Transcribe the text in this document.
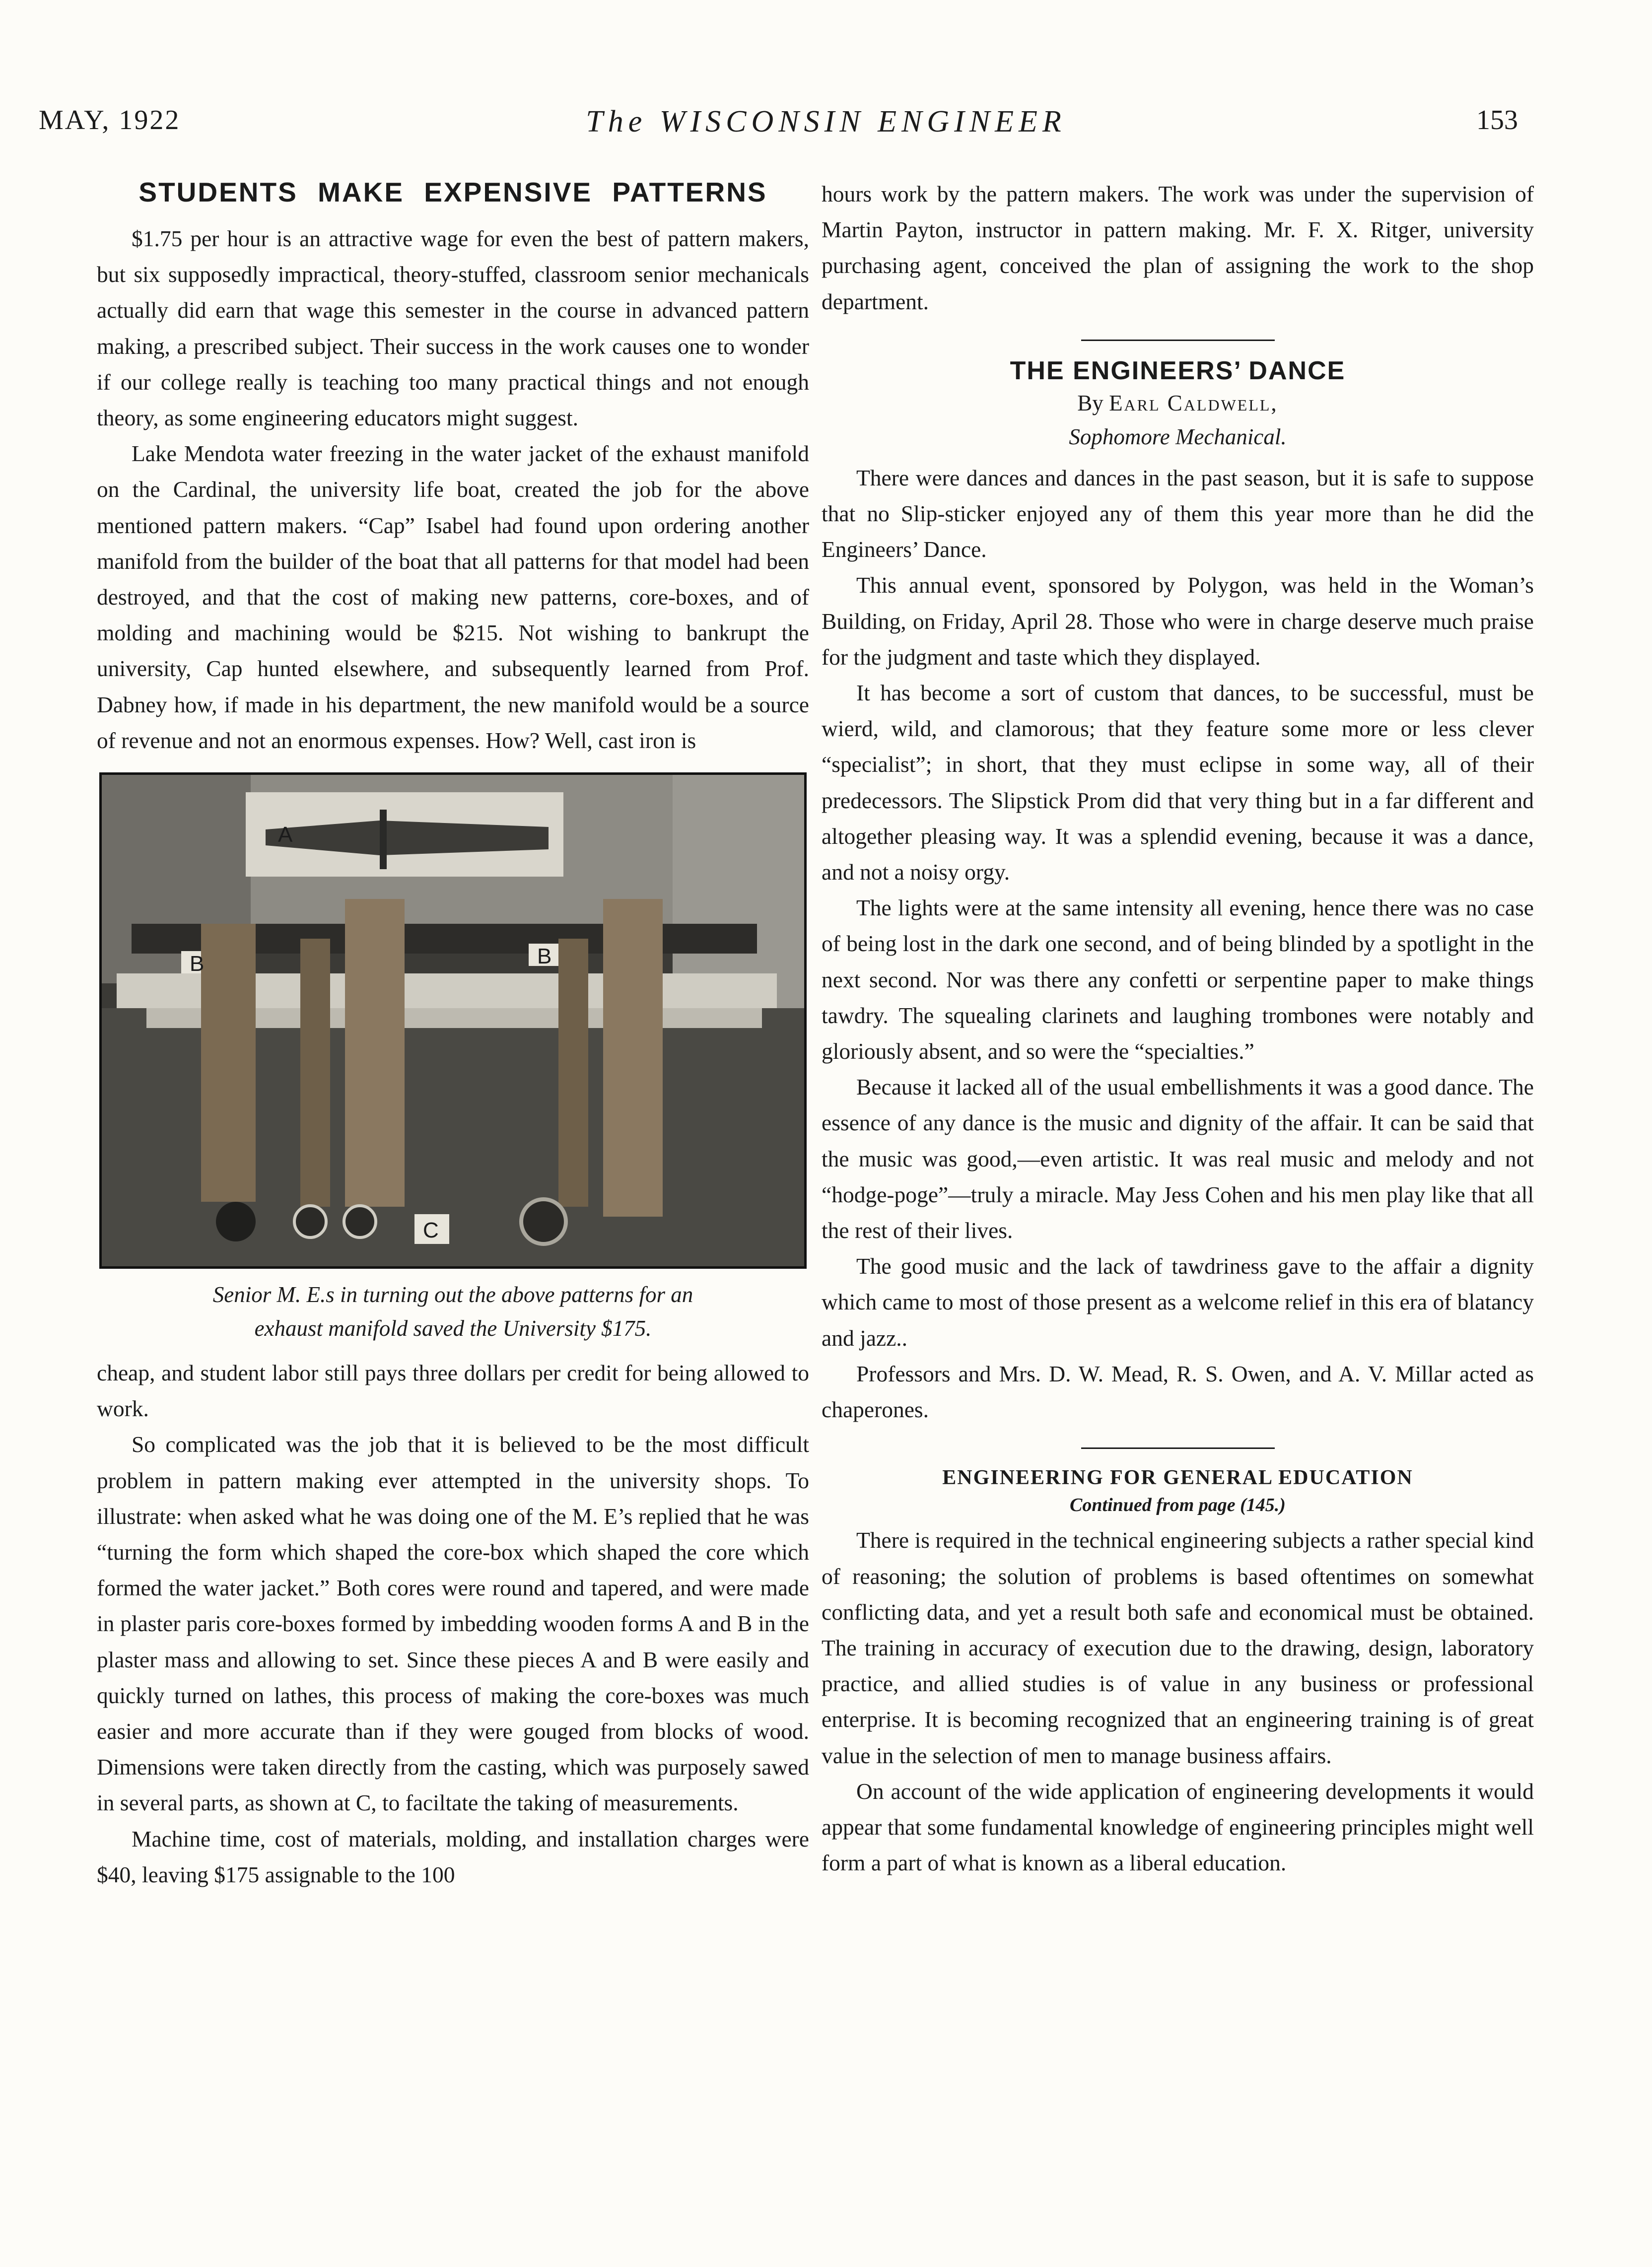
MAY, 1922	The WISCONSIN ENGINEER	153
STUDENTS MAKE EXPENSIVE PATTERNS

$1.75 per hour is an attractive wage for even the best of pattern makers, but six supposedly impractical, theory-stuffed, classroom senior mechanicals actually did earn that wage this semester in the course in advanced pattern making, a prescribed subject. Their success in the work causes one to wonder if our college really is teaching too many practical things and not enough theory, as some engineering educators might suggest.

Lake Mendota water freezing in the water jacket of the exhaust manifold on the Cardinal, the university life boat, created the job for the above mentioned pattern makers. “Cap” Isabel had found upon ordering another manifold from the builder of the boat that all patterns for that model had been destroyed, and that the cost of making new patterns, core-boxes, and of molding and machining would be $215. Not wishing to bankrupt the university, Cap hunted elsewhere, and subsequently learned from Prof. Dabney how, if made in his department, the new manifold would be a source of revenue and not an enormous expenses. How? Well, cast iron is

A
B	B
C
Senior M. E.s in turning out the above patterns for an
exhaust manifold saved the University $175.

cheap, and student labor still pays three dollars per credit for being allowed to work.

So complicated was the job that it is believed to be the most difficult problem in pattern making ever attempted in the university shops. To illustrate: when asked what he was doing one of the M. E’s replied that he was “turning the form which shaped the core-box which shaped the core which formed the water jacket.” Both cores were round and tapered, and were made in plaster paris core-boxes formed by imbedding wooden forms A and B in the plaster mass and allowing to set. Since these pieces A and B were easily and quickly turned on lathes, this process of making the core-boxes was much easier and more accurate than if they were gouged from blocks of wood. Dimensions were taken directly from the casting, which was purposely sawed in several parts, as shown at C, to faciltate the taking of measurements.

Machine time, cost of materials, molding, and installation charges were $40, leaving $175 assignable to the 100

hours work by the pattern makers. The work was under the supervision of Martin Payton, instructor in pattern making. Mr. F. X. Ritger, university purchasing agent, conceived the plan of assigning the work to the shop department.

THE ENGINEERS’ DANCE
By Earl Caldwell,
Sophomore Mechanical.

There were dances and dances in the past season, but it is safe to suppose that no Slip-sticker enjoyed any of them this year more than he did the Engineers’ Dance.

This annual event, sponsored by Polygon, was held in the Woman’s Building, on Friday, April 28. Those who were in charge deserve much praise for the judgment and taste which they displayed.

It has become a sort of custom that dances, to be successful, must be wierd, wild, and clamorous; that they feature some more or less clever “specialist”; in short, that they must eclipse in some way, all of their predecessors. The Slipstick Prom did that very thing but in a far different and altogether pleasing way. It was a splendid evening, because it was a dance, and not a noisy orgy.

The lights were at the same intensity all evening, hence there was no case of being lost in the dark one second, and of being blinded by a spotlight in the next second. Nor was there any confetti or serpentine paper to make things tawdry. The squealing clarinets and laughing trombones were notably and gloriously absent, and so were the “specialties.”

Because it lacked all of the usual embellishments it was a good dance. The essence of any dance is the music and dignity of the affair. It can be said that the music was good,—even artistic. It was real music and melody and not “hodge-poge”—truly a miracle. May Jess Cohen and his men play like that all the rest of their lives.

The good music and the lack of tawdriness gave to the affair a dignity which came to most of those present as a welcome relief in this era of blatancy and jazz..

Professors and Mrs. D. W. Mead, R. S. Owen, and A. V. Millar acted as chaperones.

ENGINEERING FOR GENERAL EDUCATION
Continued from page (145.)

There is required in the technical engineering subjects a rather special kind of reasoning; the solution of problems is based oftentimes on somewhat conflicting data, and yet a result both safe and economical must be obtained. The training in accuracy of execution due to the drawing, design, laboratory practice, and allied studies is of value in any business or professional enterprise. It is becoming recognized that an engineering training is of great value in the selection of men to manage business affairs.

On account of the wide application of engineering developments it would appear that some fundamental knowledge of engineering principles might well form a part of what is known as a liberal education.
